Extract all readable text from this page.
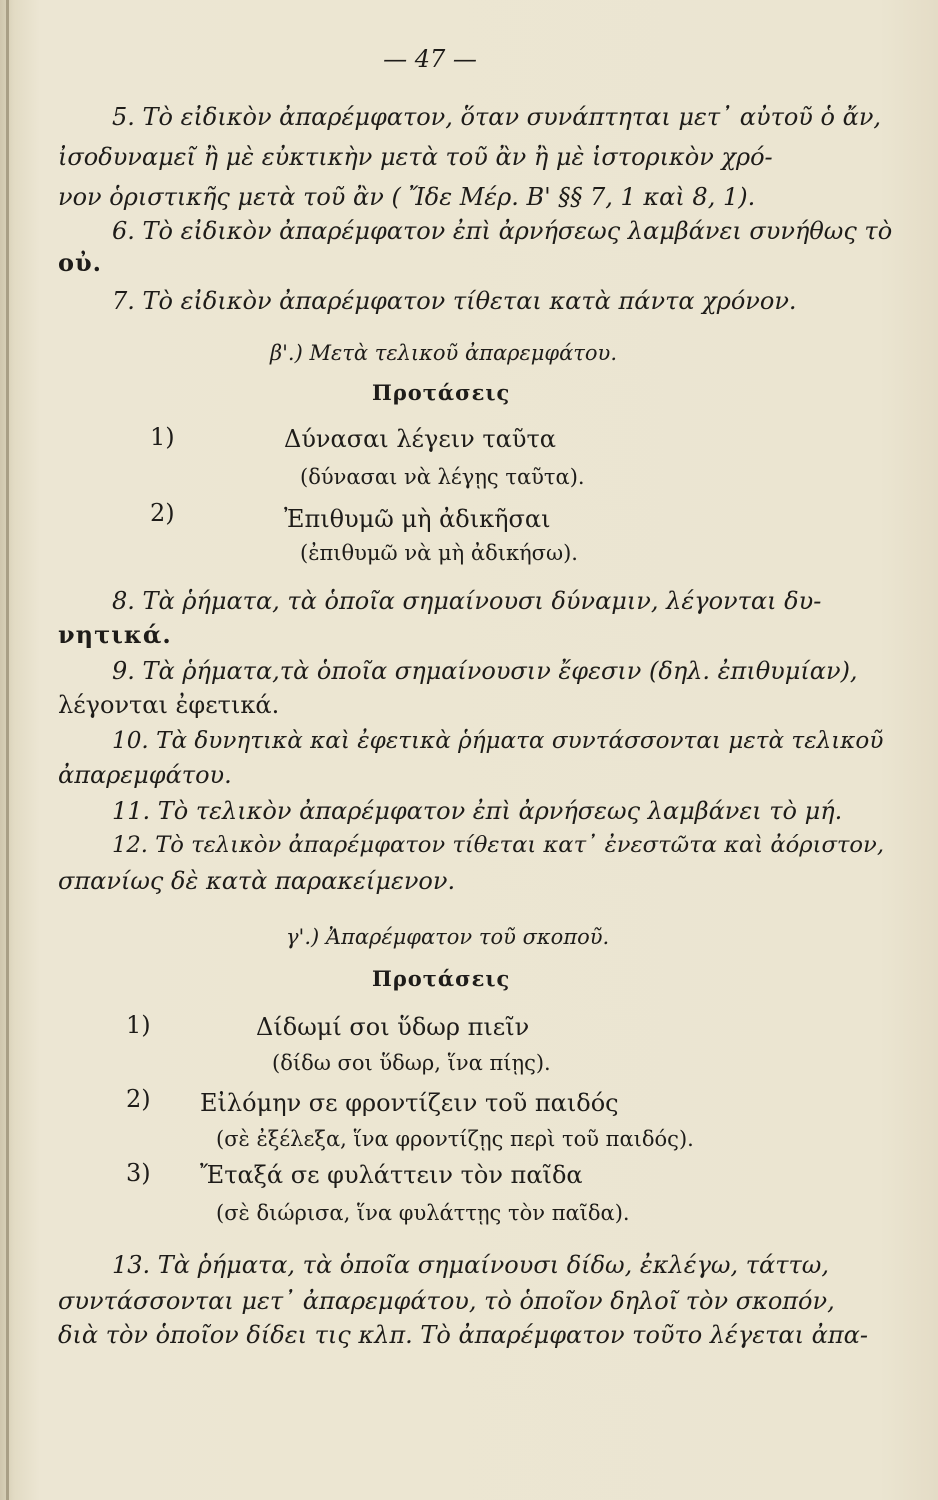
— 47 —
5. Τὸ εἰδικὸν ἀπαρέμφατον, ὅταν συνάπτηται μετ᾽ αὐτοῦ ὁ ἄν,
ἰσοδυναμεῖ ἢ μὲ εὐκτικὴν μετὰ τοῦ ἂν ἢ μὲ ἱστορικὸν χρό-
νον ὁριστικῆς μετὰ τοῦ ἂν ( Ἴδε Μέρ. Β' §§ 7, 1 καὶ 8, 1).
6. Τὸ εἰδικὸν ἀπαρέμφατον ἐπὶ ἀρνήσεως λαμβάνει συνήθως τὸ
οὐ.
7. Τὸ εἰδικὸν ἀπαρέμφατον τίθεται κατὰ πάντα χρόνον.
β'.) Μετὰ τελικοῦ ἀπαρεμφάτου.
Προτάσεις
1)	Δύνασαι λέγειν ταῦτα
(δύνασαι νὰ λέγῃς ταῦτα).
2)	Ἐπιθυμῶ μὴ ἀδικῆσαι
(ἐπιθυμῶ νὰ μὴ ἀδικήσω).
8. Τὰ ῥήματα, τὰ ὁποῖα σημαίνουσι δύναμιν, λέγονται δυ-
νητικά.
9. Τὰ ῥήματα,τὰ ὁποῖα σημαίνουσιν ἔφεσιν (δηλ. ἐπιθυμίαν),
λέγονται ἐφετικά.
10. Τὰ δυνητικὰ καὶ ἐφετικὰ ῥήματα συντάσσονται μετὰ τελικοῦ
ἀπαρεμφάτου.
11. Τὸ τελικὸν ἀπαρέμφατον ἐπὶ ἀρνήσεως λαμβάνει τὸ μή.
12. Τὸ τελικὸν ἀπαρέμφατον τίθεται κατ᾽ ἐνεστῶτα καὶ ἀόριστον,
σπανίως δὲ κατὰ παρακείμενον.
γ'.) Ἀπαρέμφατον τοῦ σκοποῦ.
Προτάσεις
1)	Δίδωμί σοι ὕδωρ πιεῖν
(δίδω σοι ὕδωρ, ἵνα πίῃς).
2) Εἰλόμην σε φροντίζειν τοῦ παιδός
(σὲ ἐξέλεξα, ἵνα φροντίζῃς περὶ τοῦ παιδός).
3) Ἔταξά σε φυλάττειν τὸν παῖδα
(σὲ διώρισα, ἵνα φυλάττῃς τὸν παῖδα).
13. Τὰ ῥήματα, τὰ ὁποῖα σημαίνουσι δίδω, ἐκλέγω, τάττω,
συντάσσονται μετ᾽ ἀπαρεμφάτου, τὸ ὁποῖον δηλοῖ τὸν σκοπόν,
διὰ τὸν ὁποῖον δίδει τις κλπ. Τὸ ἀπαρέμφατον τοῦτο λέγεται ἀπα-
